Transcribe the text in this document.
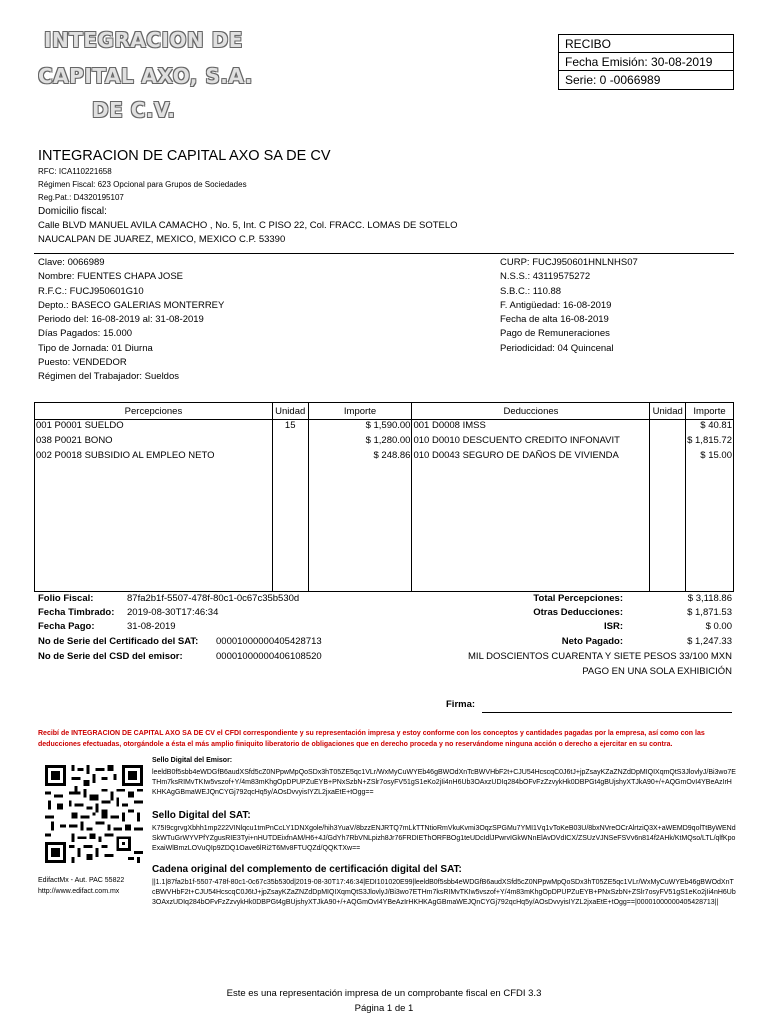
INTEGRACION DE
CAPITAL AXO, S.A.
DE C.V.
RECIBO
Fecha Emisión: 30-08-2019
Serie: 0 -0066989
INTEGRACION DE CAPITAL AXO SA DE CV
RFC: ICA110221658
Régimen Fiscal: 623 Opcional para Grupos de Sociedades
Reg.Pat.: D4320195107
Domicilio fiscal:
Calle BLVD MANUEL AVILA CAMACHO , No. 5, Int. C PISO 22, Col. FRACC. LOMAS DE SOTELO
NAUCALPAN DE JUAREZ, MEXICO, MEXICO C.P. 53390
Clave: 0066989
Nombre: FUENTES CHAPA JOSE
R.F.C.: FUCJ950601G10
Depto.: BASECO GALERIAS MONTERREY
Periodo del: 16-08-2019 al: 31-08-2019
Días Pagados: 15.000
Tipo de Jornada: 01 Diurna
Puesto: VENDEDOR
Régimen del Trabajador: Sueldos
CURP: FUCJ950601HNLNHS07
N.S.S.: 43119575272
S.B.C.: 110.88
F. Antigüedad: 16-08-2019
Fecha de alta 16-08-2019
Pago de Remuneraciones
Periodicidad: 04 Quincenal
Percepciones	Unidad	Importe	Deducciones	Unidad	Importe
001 P0001 SUELDO	15	$ 1,590.00	001 D0008 IMSS		$ 40.81
038 P0021 BONO		$ 1,280.00	010 D0010 DESCUENTO CREDITO INFONAVIT		$ 1,815.72
002 P0018 SUBSIDIO AL EMPLEO NETO		$ 248.86	010 D0043 SEGURO DE DAÑOS DE VIVIENDA		$ 15.00

Folio Fiscal:	87fa2b1f-5507-478f-80c1-0c67c35b530d
Fecha Timbrado: 2019-08-30T17:46:34
Fecha Pago:	31-08-2019
No de Serie del Certificado del SAT: 00001000000405428713
No de Serie del CSD del emisor:	00001000000406108520
Total Percepciones:	$ 3,118.86
Otras Deducciones:	$ 1,871.53
ISR:	$ 0.00
Neto Pagado:	$ 1,247.33
MIL DOSCIENTOS CUARENTA Y SIETE PESOS 33/100 MXN
PAGO EN UNA SOLA EXHIBICIÓN
Firma:
Recibí de INTEGRACION DE CAPITAL AXO SA DE CV el CFDI correspondiente y su representación impresa y estoy conforme con los conceptos y cantidades pagadas por la empresa, así como con las deducciones efectuadas, otorgándole a ésta el más amplio finiquito liberatorio de obligaciones que en derecho proceda y no reservándome ninguna acción o derecho a ejercitar en su contra.
Sello Digital del Emisor:
leeldB0f5sbb4eWDGfB6audXSfd5cZ0NPpwMpQoSDx3hT05ZE5qc1VLr/WxMyCuWYEb46gBWOdXnTcBWVHbF2t+CJU54HcscqC0J6tJ+jpZsayKZaZNZdDpMIQIXqmQtS3JlovlyJ/Bi3wo7ETHm7ksRIMvTKIw5vszof+Y/4m83mKhgOpDPUPZuEYB+PNxSzbN+ZSlr7osyFV51gS1eKo2jIi4nH6Ub3OAxzUDIq284bOFvFzZzvykHk0DBPGt4gBUjshyXTJkA90+/+AQGmOvI4YBeAzIrHKHKAgGBmaWEJQnCYGj792qcHq5y/AOsDvvyisIYZL2jxaEtE+tOgg==
Sello Digital del SAT:
K75I9cgrvgXbhh1mp222VINlqcu1tmPnCcLY1DNXgole/hih3YuaV/8bzzENJRTQ7mLkTTNtioRmVkuKvmi3OqzSPGMu7YMI1Vq1vToKeB03U/8bxNVreOCrAlrtziQ3X+aWEMD9qolTtByWENdSkWTuGrWYVPfYZgusRIE3Tyi+nHUTDEixfnAM/H6+4J/GdYh7RbVNLpizh8Jr76FRDIEThORFBOg1teUDcIdlJPwrvIGkWNnElAvDVdICX/ZSUzVJNSeFSVv6n814f2AHk/KtMQso/LTL/qlfKpoExaiWlBmzLOVuQIp9ZDQ1Oave6lRi2T6Mv8FTUQZd/QQKTXw==
Cadena original del complemento de certificación digital del SAT:
||1.1|87fa2b1f-5507-478f-80c1-0c67c35b530d|2019-08-30T17:46:34|EDI101020E99|leeldB0f5sbb4eWDGfB6audXSfd5cZ0NPpwMpQoSDx3hT05ZE5qc1VLr/WxMyCuWYEb46gBWOdXnTcBWVHbF2t+CJU54HcscqC0J6tJ+jpZsayKZaZNZdDpMIQIXqmQtS3JlovlyJ/Bi3wo7ETHm7ksRIMvTKIw5vszof+Y/4m83mKhgOpDPUPZuEYB+PNxSzbN+ZSlr7osyFV51gS1eKo2jIi4nH6Ub3OAxzUDIq284bOFvFzZzvykHk0DBPGt4gBUjshyXTJkA90+/+AQGmOvI4YBeAzIrHKHKAgGBmaWEJQnCYGj792qcHq5y/AOsDvvyisIYZL2jxaEtE+tOgg==|00001000000405428713||
EdifactMx - Aut. PAC 55822
http://www.edifact.com.mx
Este es una representación impresa de un comprobante fiscal en CFDI 3.3
Página 1 de 1
